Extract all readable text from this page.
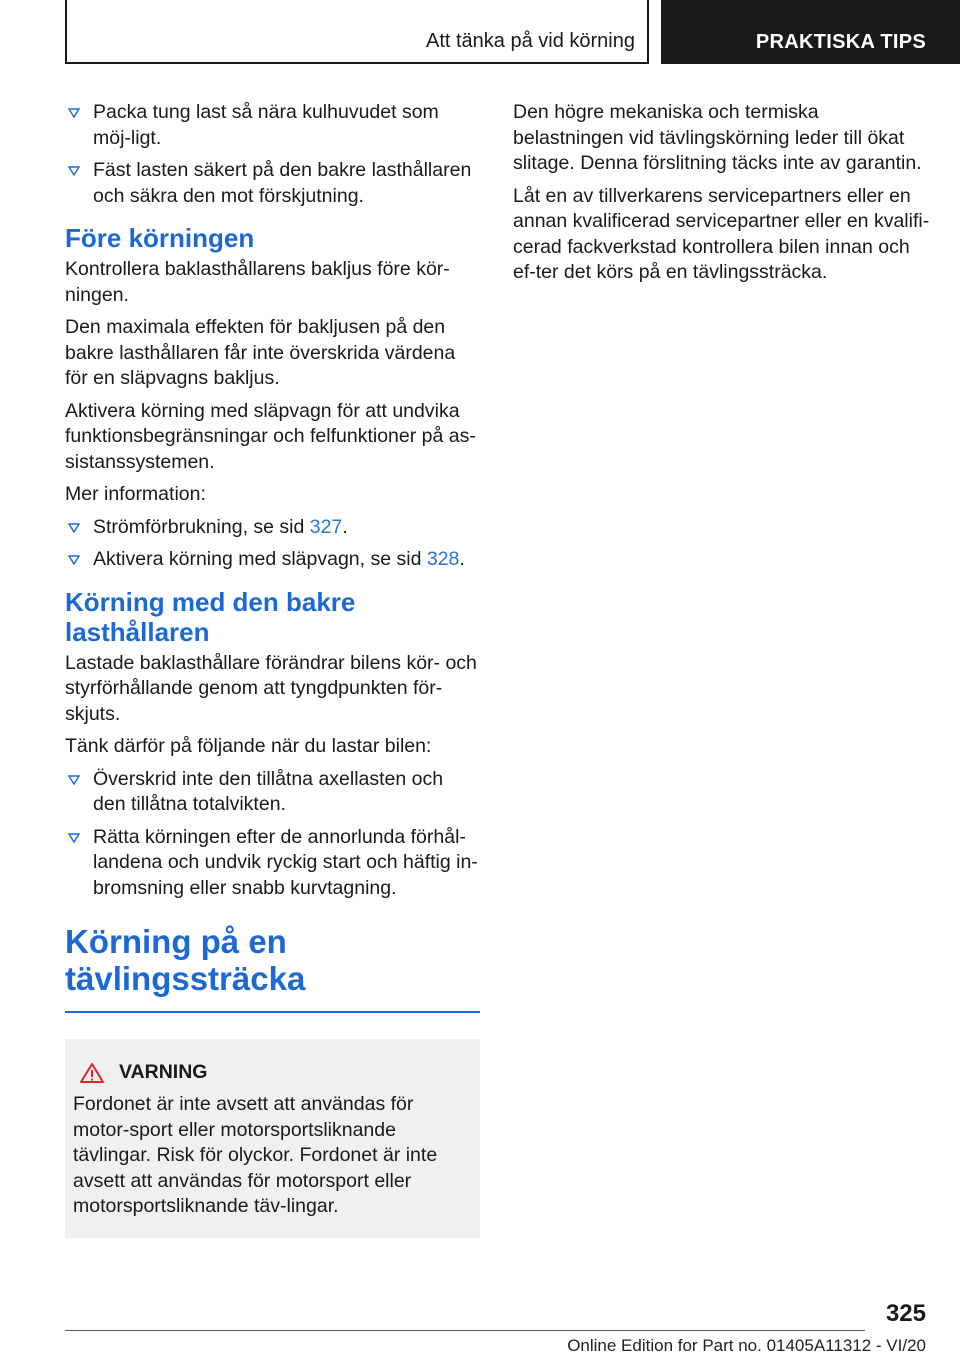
Att tänka på vid körning	PRAKTISKA TIPS
Packa tung last så nära kulhuvudet som möj-ligt.
Fäst lasten säkert på den bakre lasthållaren och säkra den mot förskjutning.
Före körningen

Kontrollera baklasthållarens bakljus före kör-ningen.

Den maximala effekten för bakljusen på den bakre lasthållaren får inte överskrida värdena för en släpvagns bakljus.

Aktivera körning med släpvagn för att undvika funktionsbegränsningar och felfunktioner på as-sistanssystemen.

Mer information:

Strömförbrukning, se sid 327.
Aktivera körning med släpvagn, se sid 328.
Körning med den bakre
lasthållaren

Lastade baklasthållare förändrar bilens kör- och styrförhållande genom att tyngdpunkten för-skjuts.

Tänk därför på följande när du lastar bilen:

Överskrid inte den tillåtna axellasten och den tillåtna totalvikten.
Rätta körningen efter de annorlunda förhål-landena och undvik ryckig start och häftig in-bromsning eller snabb kurvtagning.
Körning på en
tävlingssträcka
VARNING

Fordonet är inte avsett att användas för motor-sport eller motorsportsliknande tävlingar. Risk för olyckor. Fordonet är inte avsett att användas för motorsport eller motorsportsliknande täv-lingar.

Den högre mekaniska och termiska belastningen vid tävlingskörning leder till ökat slitage. Denna förslitning täcks inte av garantin.

Låt en av tillverkarens servicepartners eller en annan kvalificerad servicepartner eller en kvalifi-cerad fackverkstad kontrollera bilen innan och ef-ter det körs på en tävlingssträcka.

325
Online Edition for Part no. 01405A11312 - VI/20
